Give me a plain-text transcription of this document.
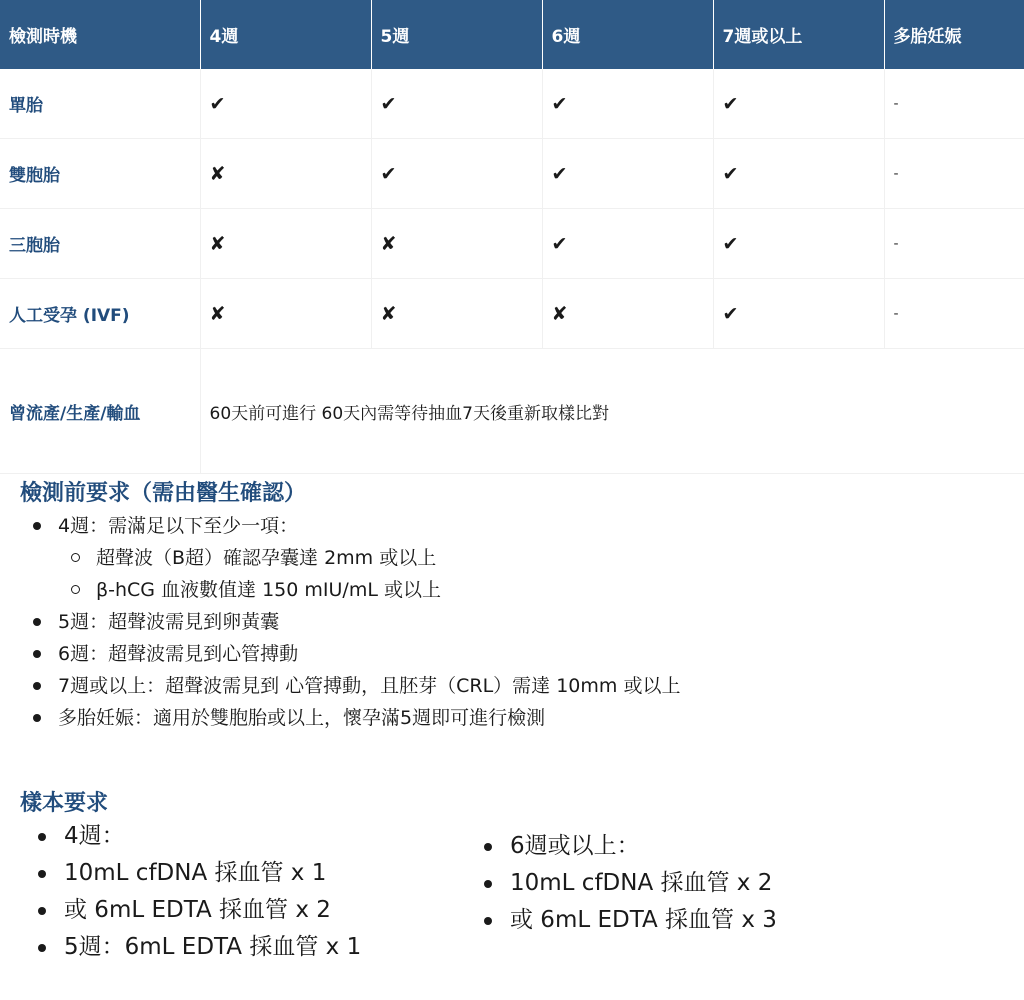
檢測時機	4週	5週	6週	7週或以上	多胎妊娠
單胎	✔	✔	✔	✔	-
雙胞胎	✘	✔	✔	✔	-
三胞胎	✘	✘	✔	✔	-
人工受孕 (IVF)	✘	✘	✘	✔	-
曾流產/生產/輸血	60天前可進行 60天內需等待抽血7天後重新取樣比對				
檢測前要求（需由醫生確認）
4週：需滿足以下至少一項：
超聲波（B超）確認孕囊達 2mm 或以上
β-hCG 血液數值達 150 mIU/mL 或以上
5週：超聲波需見到卵黃囊
6週：超聲波需見到心管搏動
7週或以上：超聲波需見到 心管搏動，且胚芽（CRL）需達 10mm 或以上
多胎妊娠：適用於雙胞胎或以上，懷孕滿5週即可進行檢測
樣本要求
4週：
10mL cfDNA 採血管 x 1
或 6mL EDTA 採血管 x 2
5週：6mL EDTA 採血管 x 1
6週或以上：
10mL cfDNA 採血管 x 2
或 6mL EDTA 採血管 x 3
